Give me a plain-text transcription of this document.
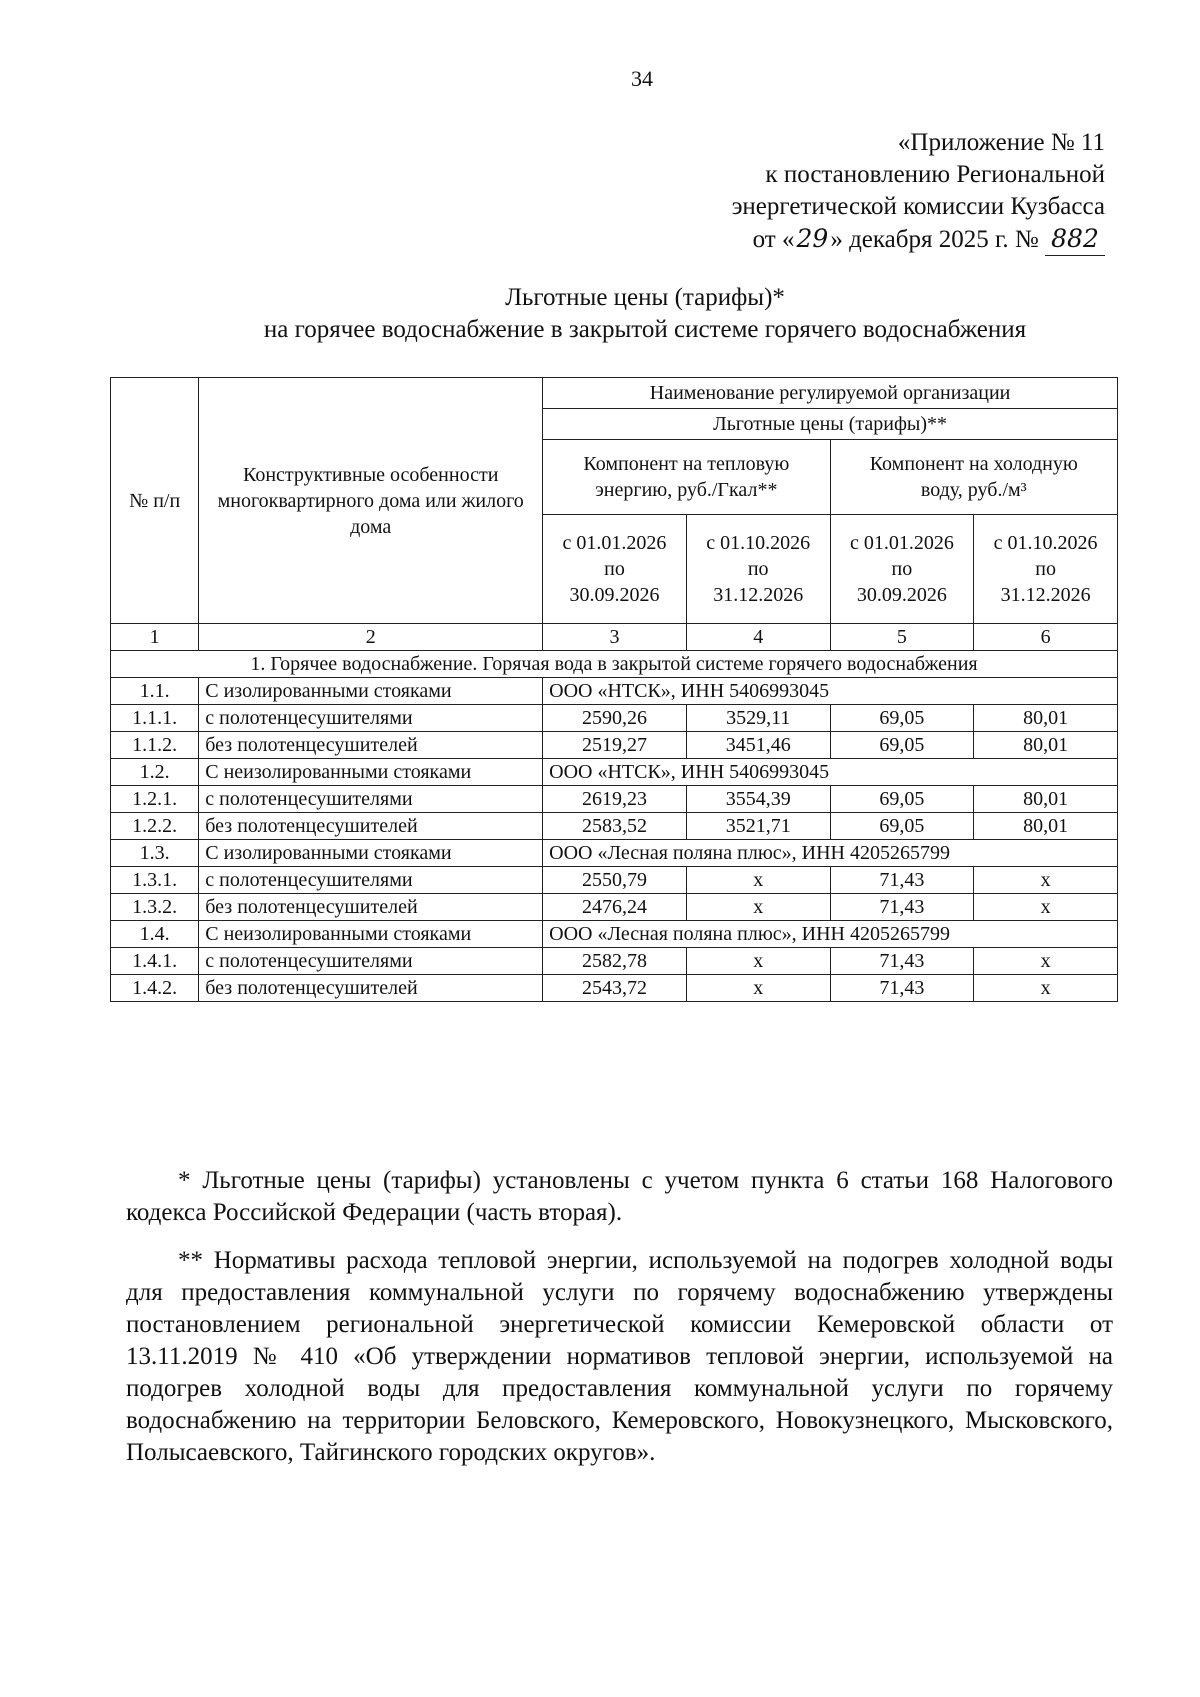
34
«Приложение № 11
к постановлению Региональной
энергетической комиссии Кузбасса
от «29» декабря 2025 г. № 882
Льготные цены (тарифы)*
на горячее водоснабжение в закрытой системе горячего водоснабжения
№ п/п	Конструктивные особенности многоквартирного дома или жилого дома	Наименование регулируемой организации			
		Льготные цены (тарифы)**			
		Компонент на тепловую энергию, руб./Гкал**		Компонент на холодную воду, руб./м³	
		с 01.01.2026 по 30.09.2026	с 01.10.2026 по 31.12.2026	с 01.01.2026 по 30.09.2026	с 01.10.2026 по 31.12.2026
1	2	3	4	5	6
1. Горячее водоснабжение. Горячая вода в закрытой системе горячего водоснабжения					
1.1.	С изолированными стояками	ООО «НТСК», ИНН 5406993045			
1.1.1.	с полотенцесушителями	2590,26	3529,11	69,05	80,01
1.1.2.	без полотенцесушителей	2519,27	3451,46	69,05	80,01
1.2.	С неизолированными стояками	ООО «НТСК», ИНН 5406993045			
1.2.1.	с полотенцесушителями	2619,23	3554,39	69,05	80,01
1.2.2.	без полотенцесушителей	2583,52	3521,71	69,05	80,01
1.3.	С изолированными стояками	ООО «Лесная поляна плюс», ИНН 4205265799			
1.3.1.	с полотенцесушителями	2550,79	x	71,43	x
1.3.2.	без полотенцесушителей	2476,24	x	71,43	x
1.4.	С неизолированными стояками	ООО «Лесная поляна плюс», ИНН 4205265799			
1.4.1.	с полотенцесушителями	2582,78	x	71,43	x
1.4.2.	без полотенцесушителей	2543,72	x	71,43	x

* Льготные цены (тарифы) установлены с учетом пункта 6 статьи 168 Налогового кодекса Российской Федерации (часть вторая).

** Нормативы расхода тепловой энергии, используемой на подогрев холодной воды для предоставления коммунальной услуги по горячему водоснабжению утверждены постановлением региональной энергетической комиссии Кемеровской области от 13.11.2019 № 410 «Об утверждении нормативов тепловой энергии, используемой на подогрев холодной воды для предоставления коммунальной услуги по горячему водоснабжению на территории Беловского, Кемеровского, Новокузнецкого, Мысковского, Полысаевского, Тайгинского городских округов».
